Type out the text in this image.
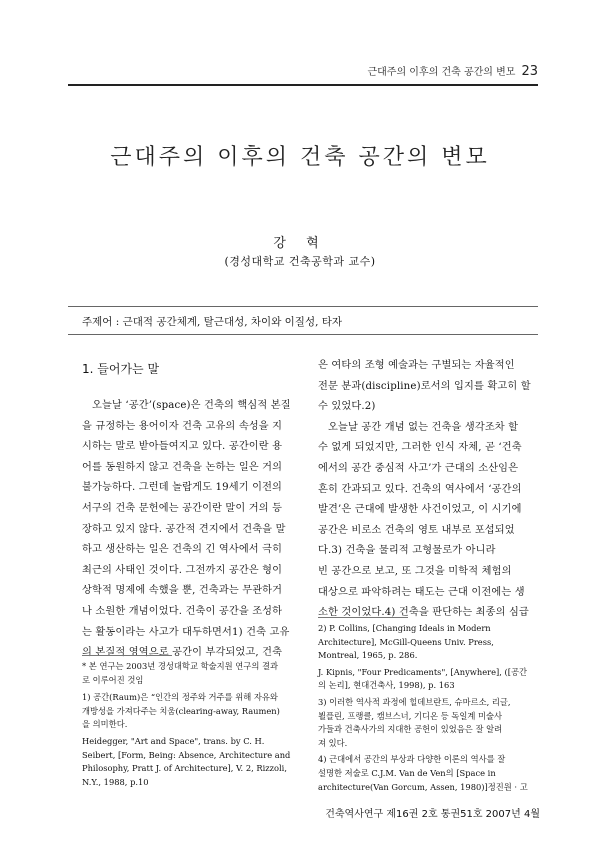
근대주의 이후의 건축 공간의 변모 23
근대주의 이후의 건축 공간의 변모
강 혁
(경성대학교 건축공학과 교수)
주제어 : 근대적 공간체계, 탈근대성, 차이와 이질성, 타자
1. 들어가는 말
오늘날 ‘공간’(space)은 건축의 핵심적 본질
을 규정하는 용어이자 건축 고유의 속성을 지
시하는 말로 받아들여지고 있다. 공간이란 용
어를 동원하지 않고 건축을 논하는 일은 거의
불가능하다. 그런데 놀랍게도 19세기 이전의
서구의 건축 문헌에는 공간이란 말이 거의 등
장하고 있지 않다. 공간적 견지에서 건축을 말
하고 생산하는 일은 건축의 긴 역사에서 극히
최근의 사태인 것이다. 그전까지 공간은 형이
상학적 명제에 속했을 뿐, 건축과는 무관하거
나 소원한 개념이었다. 건축이 공간을 조성하
는 활동이라는 사고가 대두하면서1) 건축 고유
의 본질적 영역으로 공간이 부각되었고, 건축
은 여타의 조형 예술과는 구별되는 자율적인
전문 분과(discipline)로서의 입지를 확고히 할
수 있었다.2)
오늘날 공간 개념 없는 건축을 생각조차 할
수 없게 되었지만, 그러한 인식 자체, 곧 ‘건축
에서의 공간 중심적 사고’가 근대의 소산임은
흔히 간과되고 있다. 건축의 역사에서 ‘공간의
발견’은 근대에 발생한 사건이었고, 이 시기에
공간은 비로소 건축의 영토 내부로 포섭되었
다.3) 건축을 물리적 고형물로가 아니라
빈 공간으로 보고, 또 그것을 미학적 체험의
대상으로 파악하려는 태도는 근대 이전에는 생
소한 것이었다.4) 건축을 판단하는 최종의 심급
* 본 연구는 2003년 경성대학교 학술지원 연구의 결과
로 이루어진 것임
1) 공간(Raum)은 “인간의 정주와 거주를 위해 자유와
개방성을 가져다주는 치움(clearing-away, Raumen)
을 의미한다.
Heidegger, "Art and Space", trans. by C. H.
Seibert, [Form, Being: Absence, Architecture and
Philosophy, Pratt J. of Architecture], V. 2, Rizzoli,
N.Y., 1988, p.10
2) P. Collins, [Changing Ideals in Modern
Architecture], McGill-Queens Univ. Press,
Montreal, 1965, p. 286.
J. Kipnis, "Four Predicaments", [Anywhere], ([공간
의 논리], 현대건축사, 1998), p. 163
3) 이러한 역사적 과정에 힐데브란트, 슈마르소, 리글,
뵐플린, 프랭클, 캠브스너, 기디온 등 독일계 미술사
가들과 건축사가의 지대한 공헌이 있었음은 잘 알려
져 있다.
4) 근대에서 공간의 부상과 다양한 이론의 역사를 잘
설명한 저술로 C.J.M. Van de Ven의 [Space in
architecture(Van Gorcum, Assen, 1980)]정진원 · 고
건축역사연구 제16권 2호 통권51호 2007년 4월
